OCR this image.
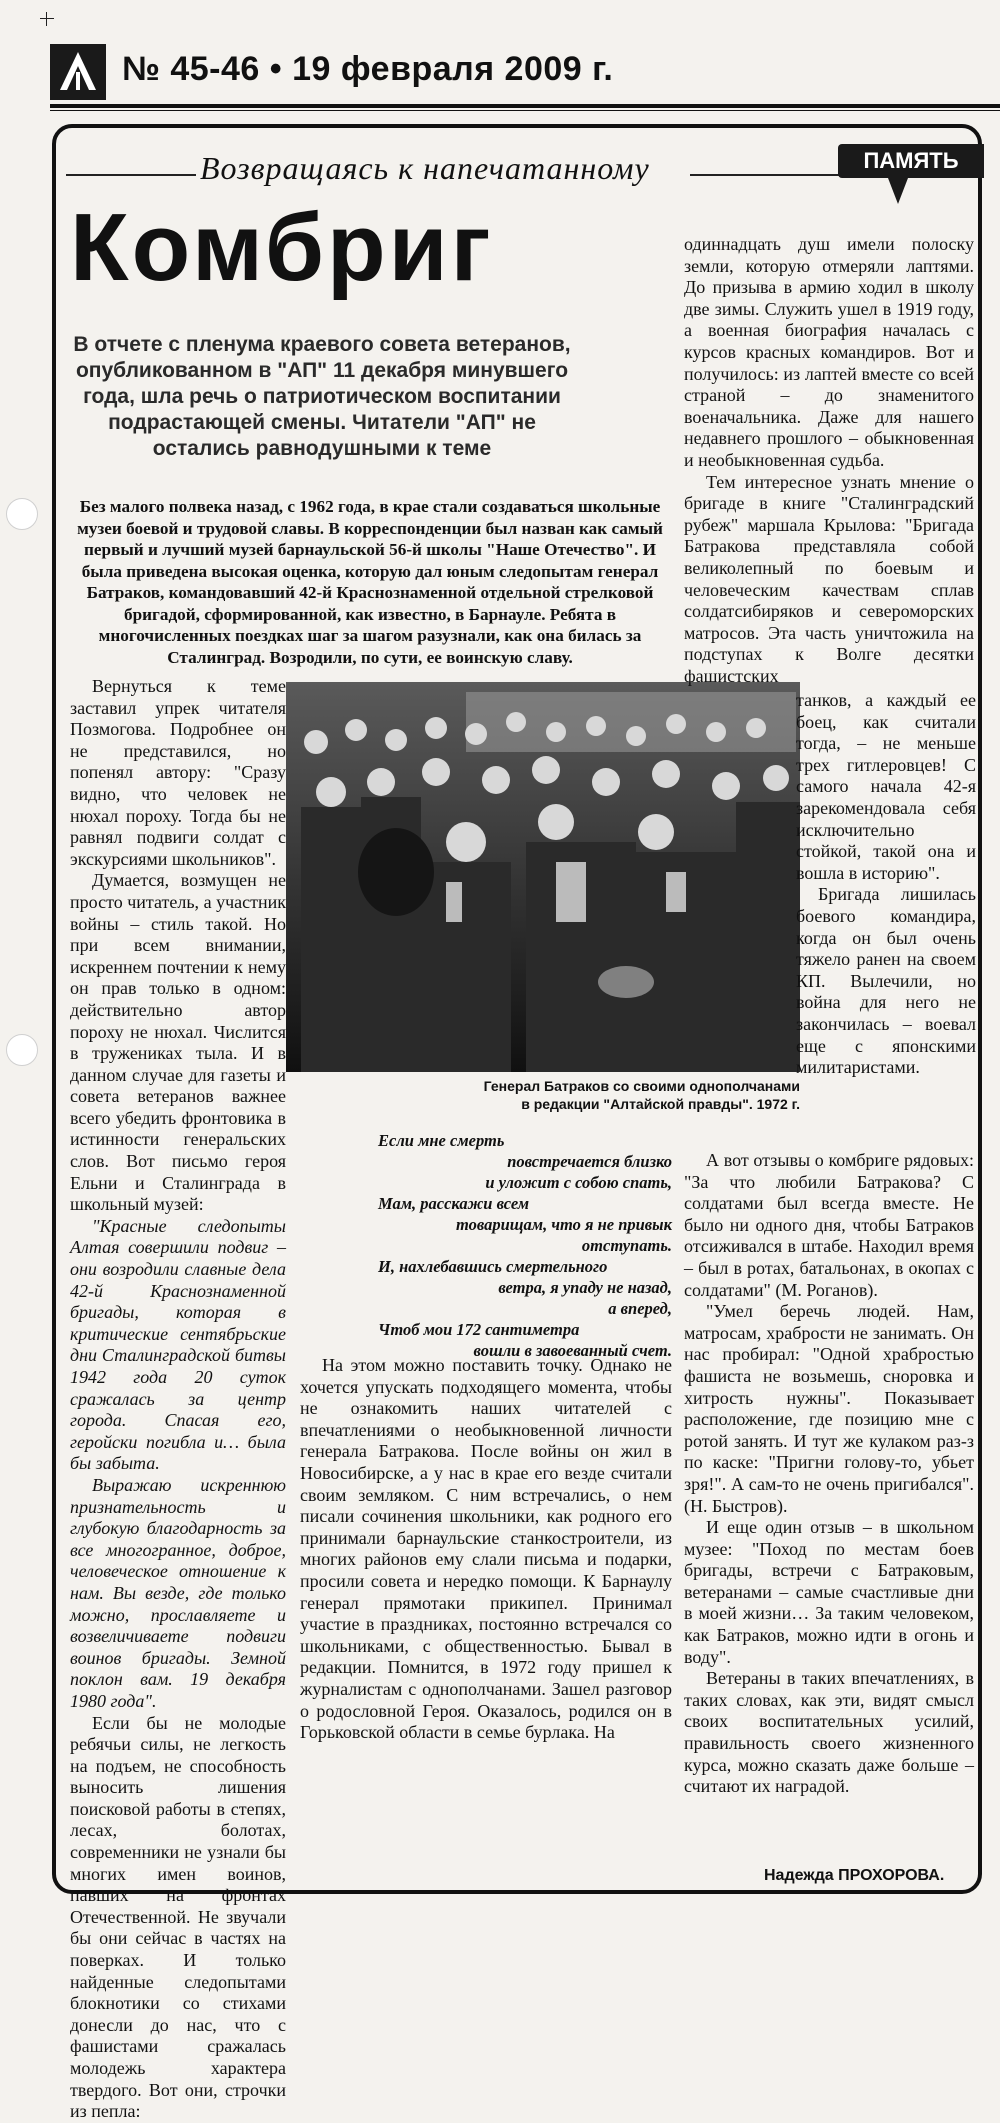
№ 45-46 • 19 февраля 2009 г.
Возвращаясь к напечатанному	ПАМЯТЬ
Комбриг
В отчете с пленума краевого совета ветеранов, опубликованном в "АП" 11 декабря минувшего года, шла речь о патриотическом воспитании подрастающей смены. Читатели "АП" не остались равнодушными к теме
Без малого полвека назад, с 1962 года, в крае стали создаваться школьные музеи боевой и трудовой славы. В корреспонденции был назван как самый первый и лучший музей барнаульской 56-й школы "Наше Отечество". И была приведена высокая оценка, которую дал юным следопытам генерал Батраков, командовавший 42-й Краснознаменной отдельной стрелковой бригадой, сформированной, как известно, в Барнауле. Ребята в многочисленных поездках шаг за шагом разузнали, как она билась за Сталинград. Возродили, по сути, ее воинскую славу.

Вернуться к теме заставил упрек читателя Позмогова. Подробнее он не представился, но попенял автору: "Сразу видно, что человек не нюхал пороху. Тогда бы не равнял подвиги солдат с экскурсиями школьников".

Думается, возмущен не просто читатель, а участник войны – стиль такой. Но при всем внимании, искреннем почтении к нему он прав только в одном: действительно автор пороху не нюхал. Числится в тружениках тыла. И в данном случае для газеты и совета ветеранов важнее всего убедить фронтовика в истинности генеральских слов. Вот письмо героя Ельни и Сталинграда в школьный музей:

"Красные следопыты Алтая совершили подвиг – они возродили славные дела 42-й Краснознаменной бригады, которая в критические сентябрьские дни Сталинградской битвы 1942 года 20 суток сражалась за центр города. Спасая его, геройски погибла и… была бы забыта.

Выражаю искреннюю признательность и глубокую благодарность за все многогранное, доброе, человеческое отношение к нам. Вы везде, где только можно, прославляете и возвеличиваете подвиги воинов бригады. Земной поклон вам. 19 декабря 1980 года".

Если бы не молодые ребячьи силы, не легкость на подъем, не способность выносить лишения поисковой работы в степях, лесах, болотах, современники не узнали бы многих имен воинов, павших на фронтах Отечественной. Не звучали бы они сейчас в частях на поверках. И только найденные следопытами блокнотики со стихами донесли до нас, что с фашистами сражалась молодежь характера твердого. Вот они, строчки из пепла:

Генерал Батраков со своими однополчанами
в редакции "Алтайской правды". 1972 г.
Если мне смерть
повстречается близко
и уложит с собою спать,
Мам, расскажи всем
товарищам, что я не привык
отступать.
И, нахлебавшись смертельного
ветра, я упаду не назад,
а вперед,
Чтоб мои 172 сантиметра
вошли в завоеванный счет.

На этом можно поставить точку. Однако не хочется упускать подходящего момента, чтобы не ознакомить наших читателей с впечатлениями о необыкновенной личности генерала Батракова. После войны он жил в Новосибирске, а у нас в крае его везде считали своим земляком. С ним встречались, о нем писали сочинения школьники, как родного его принимали барнаульские станкостроители, из многих районов ему слали письма и подарки, просили совета и нередко помощи. К Барнаулу генерал прямотаки прикипел. Принимал участие в праздниках, постоянно встречался со школьниками, с общественностью. Бывал в редакции. Помнится, в 1972 году пришел к журналистам с однополчанами. Зашел разговор о родословной Героя. Оказалось, родился он в Горьковской области в семье бурлака. На

одиннадцать душ имели полоску земли, которую отмеряли лаптями. До призыва в армию ходил в школу две зимы. Служить ушел в 1919 году, а военная биография началась с курсов красных командиров. Вот и получилось: из лаптей вместе со всей страной – до знаменитого военачальника. Даже для нашего недавнего прошлого – обыкновенная и необыкновенная судьба.

Тем интересное узнать мнение о бригаде в книге "Сталинградский рубеж" маршала Крылова: "Бригада Батракова представляла собой великолепный по боевым и человеческим качествам сплав солдатсибиряков и североморских матросов. Эта часть уничтожила на подступах к Волге десятки фашистских

танков, а каждый ее боец, как считали тогда, – не меньше трех гитлеровцев! С самого начала 42-я зарекомендовала себя исключительно стойкой, такой она и вошла в историю".

Бригада лишилась боевого командира, когда он был очень тяжело ранен на своем КП. Вылечили, но война для него не закончилась – воевал еще с японскими милитаристами.

А вот отзывы о комбриге рядовых: "За что любили Батракова? С солдатами был всегда вместе. Не было ни одного дня, чтобы Батраков отсиживался в штабе. Находил время – был в ротах, батальонах, в окопах с солдатами" (М. Роганов).

"Умел беречь людей. Нам, матросам, храбрости не занимать. Он нас пробирал: "Одной храбростью фашиста не возьмешь, сноровка и хитрость нужны". Показывает расположение, где позицию мне с ротой занять. И тут же кулаком раз-з по каске: "Пригни голову-то, убьет зря!". А сам-то не очень пригибался". (Н. Быстров).

И еще один отзыв – в школьном музее: "Поход по местам боев бригады, встречи с Батраковым, ветеранами – самые счастливые дни в моей жизни… За таким человеком, как Батраков, можно идти в огонь и воду".

Ветераны в таких впечатлениях, в таких словах, как эти, видят смысл своих воспитательных усилий, правильность своего жизненного курса, можно сказать даже больше – считают их наградой.

Надежда ПРОХОРОВА.
